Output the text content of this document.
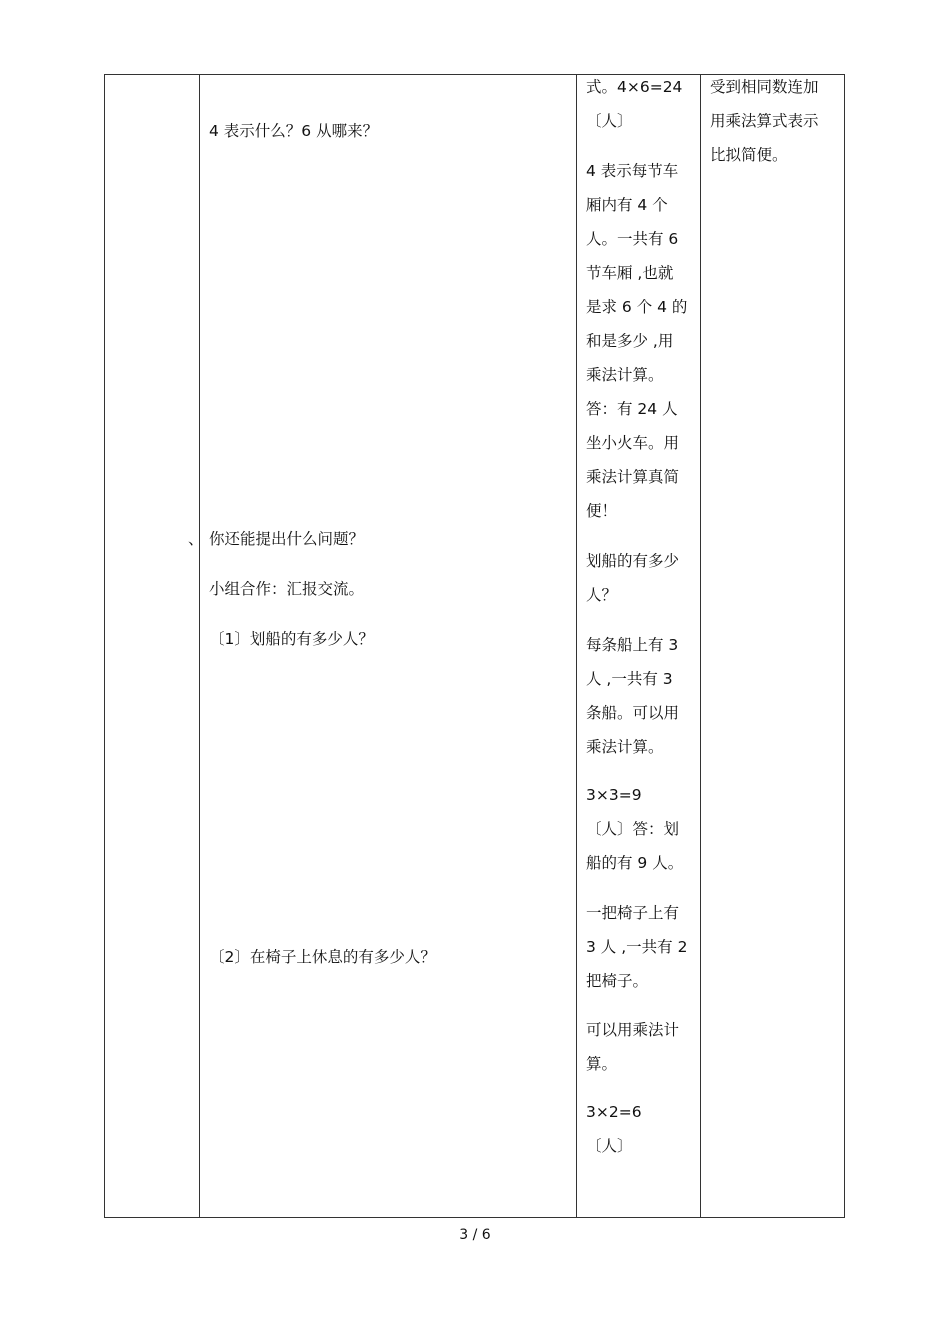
、
4 表示什么？6 从哪来？
你还能提出什么问题？
小组合作：汇报交流。
〔1〕划船的有多少人？
〔2〕在椅子上休息的有多少人？
式。4×6=24
〔人〕
4 表示每节车
厢内有 4 个
人。一共有 6
节车厢 ,也就
是求 6 个 4 的
和是多少 ,用
乘法计算。
答：有 24 人
坐小火车。用
乘法计算真简
便！
划船的有多少
人？
每条船上有 3
人 ,一共有 3
条船。可以用
乘法计算。
3×3=9
〔人〕答：划
船的有 9 人。
一把椅子上有
3 人 ,一共有 2
把椅子。
可以用乘法计
算。
3×2=6
〔人〕
受到相同数连加
用乘法算式表示
比拟简便。
3 / 6
